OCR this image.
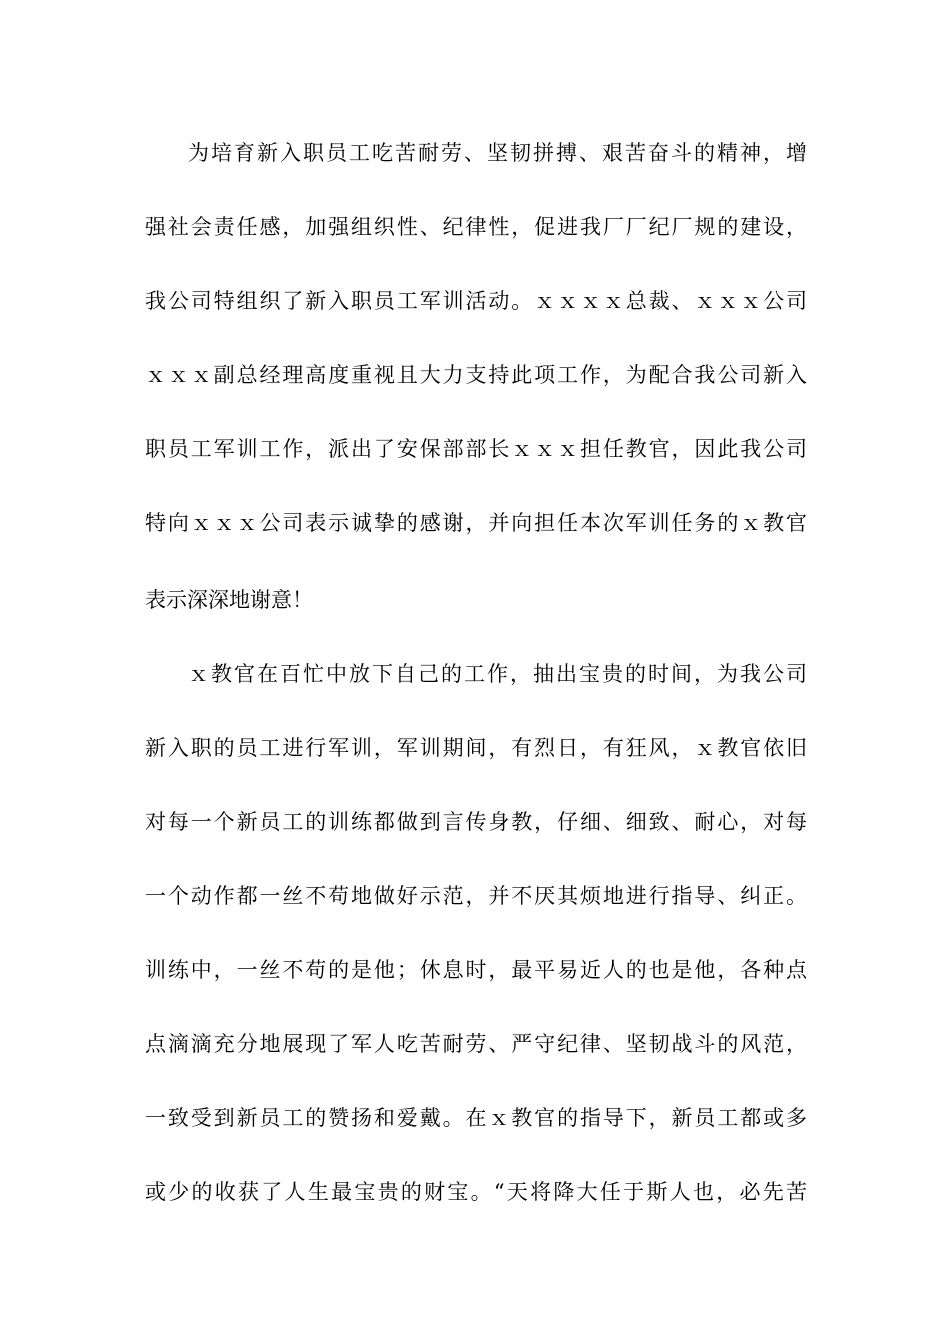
为培育新入职员工吃苦耐劳、坚韧拼搏、艰苦奋斗的精神，增
强社会责任感，加强组织性、纪律性，促进我厂厂纪厂规的建设，
我公司特组织了新入职员工军训活动。ｘｘｘｘ总裁、ｘｘｘ公司
ｘｘｘ副总经理高度重视且大力支持此项工作，为配合我公司新入
职员工军训工作，派出了安保部部长ｘｘｘ担任教官，因此我公司
特向ｘｘｘ公司表示诚挚的感谢，并向担任本次军训任务的ｘ教官
表示深深地谢意！
ｘ教官在百忙中放下自己的工作，抽出宝贵的时间，为我公司
新入职的员工进行军训，军训期间，有烈日，有狂风，ｘ教官依旧
对每一个新员工的训练都做到言传身教，仔细、细致、耐心，对每
一个动作都一丝不苟地做好示范，并不厌其烦地进行指导、纠正。
训练中，一丝不苟的是他；休息时，最平易近人的也是他，各种点
点滴滴充分地展现了军人吃苦耐劳、严守纪律、坚韧战斗的风范，
一致受到新员工的赞扬和爱戴。在ｘ教官的指导下，新员工都或多
或少的收获了人生最宝贵的财宝。“天将降大任于斯人也，必先苦
